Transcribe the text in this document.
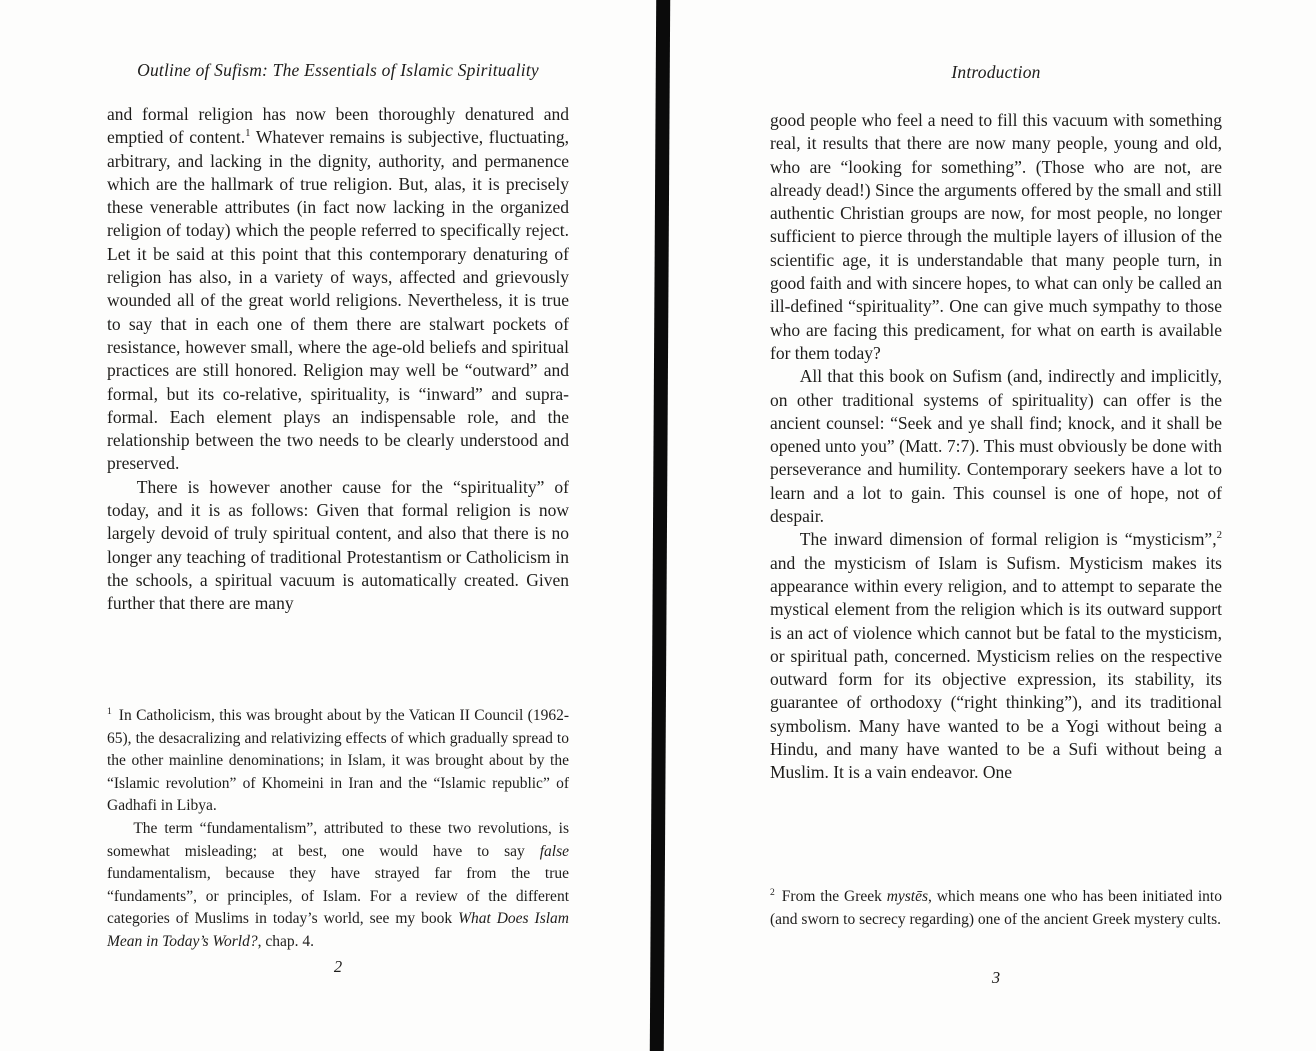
Outline of Sufism: The Essentials of Islamic Spirituality

and formal religion has now been thoroughly denatured and emptied of content.$^1$ Whatever remains is subjective, fluctuating, arbitrary, and lacking in the dignity, authority, and permanence which are the hallmark of true religion. But, alas, it is precisely these venerable attributes (in fact now lacking in the organized religion of today) which the people referred to specifically reject. Let it be said at this point that this contemporary denaturing of religion has also, in a variety of ways, affected and grievously wounded all of the great world religions. Nevertheless, it is true to say that in each one of them there are stalwart pockets of resistance, however small, where the age-old beliefs and spiritual practices are still honored. Religion may well be “outward” and formal, but its co-relative, spirituality, is “inward” and supra-formal. Each element plays an indispensable role, and the relationship between the two needs to be clearly understood and preserved.

There is however another cause for the “spirituality” of today, and it is as follows: Given that formal religion is now largely devoid of truly spiritual content, and also that there is no longer any teaching of traditional Protestantism or Catholicism in the schools, a spiritual vacuum is automatically created. Given further that there are many

$^1$ In Catholicism, this was brought about by the Vatican II Council (1962-65), the desacralizing and relativizing effects of which gradually spread to the other mainline denominations; in Islam, it was brought about by the “Islamic revolution” of Khomeini in Iran and the “Islamic republic” of Gadhafi in Libya.

The term “fundamentalism”, attributed to these two revolutions, is somewhat misleading; at best, one would have to say false fundamentalism, because they have strayed far from the true “fundaments”, or principles, of Islam. For a review of the different categories of Muslims in today’s world, see my book What Does Islam Mean in Today’s World?, chap. 4.

2
Introduction

good people who feel a need to fill this vacuum with something real, it results that there are now many people, young and old, who are “looking for something”. (Those who are not, are already dead!) Since the arguments offered by the small and still authentic Christian groups are now, for most people, no longer sufficient to pierce through the multiple layers of illusion of the scientific age, it is understandable that many people turn, in good faith and with sincere hopes, to what can only be called an ill-defined “spirituality”. One can give much sympathy to those who are facing this predicament, for what on earth is available for them today?

All that this book on Sufism (and, indirectly and implicitly, on other traditional systems of spirituality) can offer is the ancient counsel: “Seek and ye shall find; knock, and it shall be opened unto you” (Matt. 7:7). This must obviously be done with perseverance and humility. Contemporary seekers have a lot to learn and a lot to gain. This counsel is one of hope, not of despair.

The inward dimension of formal religion is “mysticism”,$^2$ and the mysticism of Islam is Sufism. Mysticism makes its appearance within every religion, and to attempt to separate the mystical element from the religion which is its outward support is an act of violence which cannot but be fatal to the mysticism, or spiritual path, concerned. Mysticism relies on the respective outward form for its objective expression, its stability, its guarantee of orthodoxy (“right thinking”), and its traditional symbolism. Many have wanted to be a Yogi without being a Hindu, and many have wanted to be a Sufi without being a Muslim. It is a vain endeavor. One

$^2$ From the Greek mystēs, which means one who has been initiated into (and sworn to secrecy regarding) one of the ancient Greek mystery cults.

3
